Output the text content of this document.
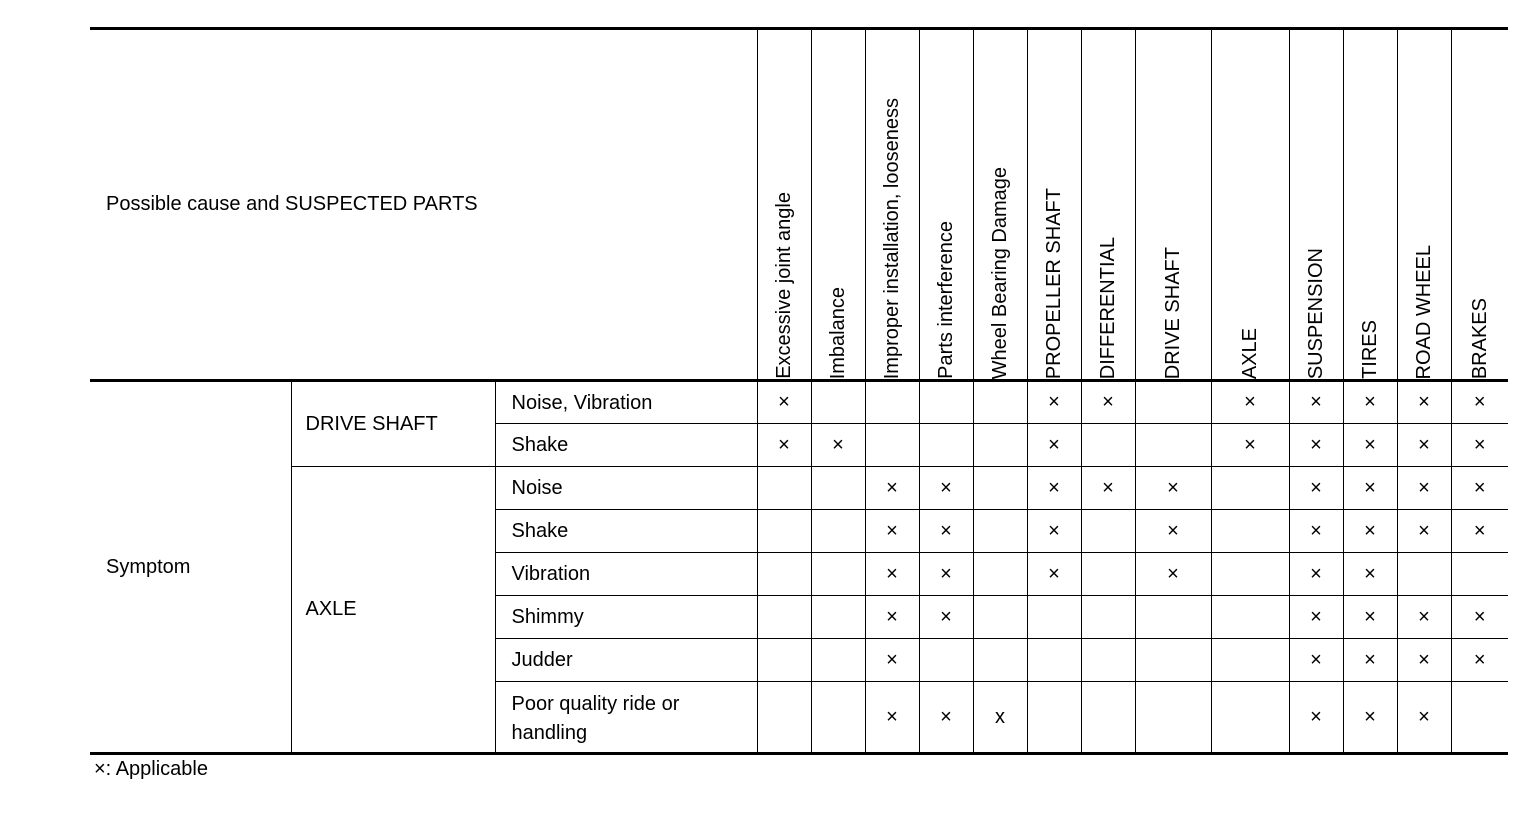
Possible cause and SUSPECTED PARTS			Excessive joint angle	Imbalance	Improper installation, looseness	Parts interference	Wheel Bearing Damage	PROPELLER SHAFT	DIFFERENTIAL	DRIVE SHAFT	AXLE	SUSPENSION	TIRES	ROAD WHEEL	BRAKES

Symptom	DRIVE SHAFT	Noise, Vibration	×					×	×		×	×	×	×	×
		Shake	×	×				×			×	×	×	×	×
	AXLE	Noise			×	×		×	×	×		×	×	×	×
		Shake			×	×		×		×		×	×	×	×
		Vibration			×	×		×		×		×	×		
		Shimmy			×	×						×	×	×	×
		Judder			×							×	×	×	×
		Poor quality ride or handling			×	×	x					×	×	×	
×: Applicable
